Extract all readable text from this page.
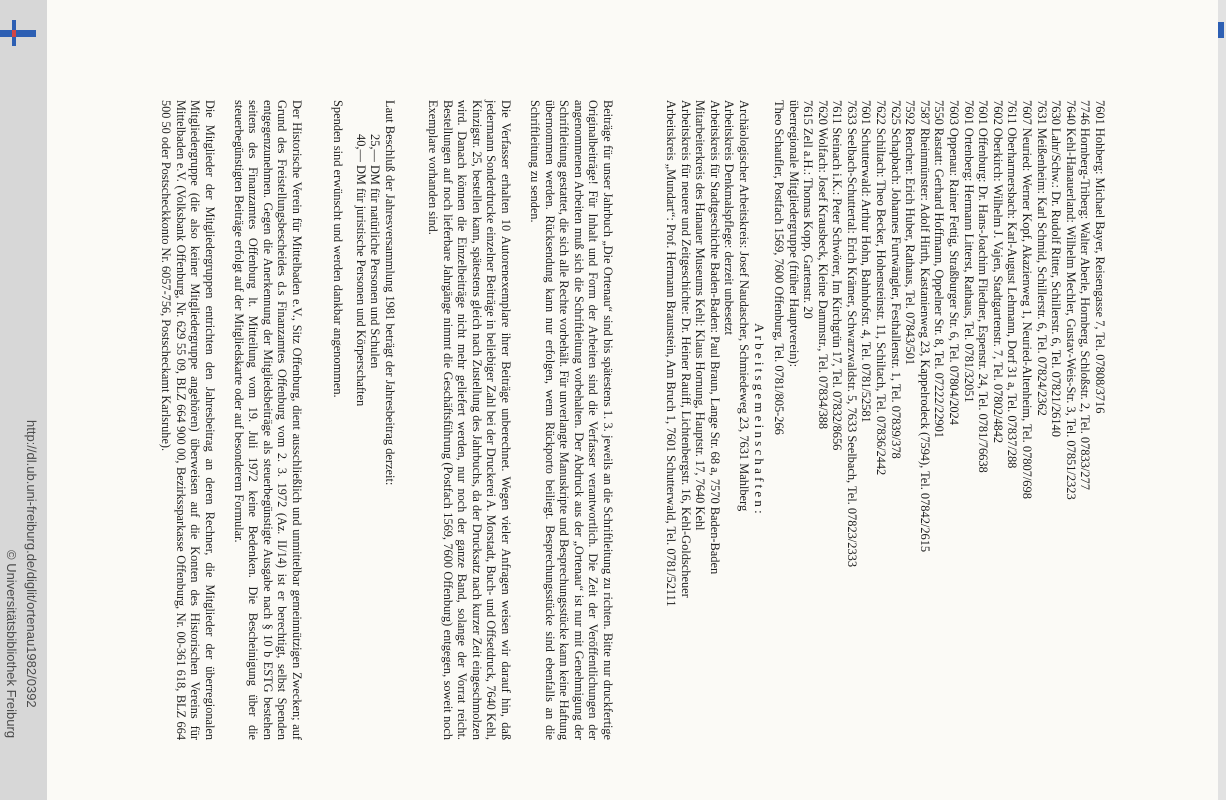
7601 Hohberg: Michael Bayer, Reisengasse 7, Tel. 07808/3716
7746 Hornberg-Triberg: Walter Aberle, Hornberg, Schloßstr. 2, Tel. 07833/277
7640 Kehl-Hanauerland: Wilhelm Mechler, Gustav-Weis-Str. 3, Tel. 07851/2323
7630 Lahr/Schw.: Dr. Rudolf Ritter, Schillerstr. 6, Tel. 07821/26140
7631 Meißenheim: Karl Schmid, Schillerstr. 6, Tel. 07824/2362
7607 Neuried: Werner Kopf, Akazienweg 1, Neuried-Altenheim, Tel. 07807/698
7611 Oberharmersbach: Karl-August Lehmann, Dorf 31 a, Tel. 07837/288
7602 Oberkirch: Wilhelm J. Vajen, Stadtgartenstr. 7, Tel. 07802/4842
7601 Offenburg: Dr. Hans-Joachim Fliedner, Espenstr. 24, Tel. 0781/76638
7601 Ortenberg: Hermann Litterst, Rathaus, Tel. 0781/32051
7603 Oppenau: Rainer Fettig, Straßburger Str. 6, Tel. 07804/2024
7550 Rastatt: Gerhard Hoffmann, Oppelner Str. 8, Tel. 07222/22901
7587 Rheinmünster: Adolf Hirth, Kastanienweg 23, Kappelrodeck (7594), Tel. 07842/2615
7592 Renchen: Erich Huber, Rathaus, Tel. 07843/501
7625 Schapbach: Johannes Furtwängler, Festhallenstr. 1, Tel. 07839/378
7622 Schiltach: Theo Becker, Hohensteinstr. 11, Schiltach, Tel. 07836/2442
7601 Schutterwald: Arthur Hohn, Bahnhofstr. 4, Tel. 0781/52581
7633 Seelbach-Schuttertal: Erich Krämer, Schwarzwaldstr. 5, 7633 Seelbach, Tel. 07823/2333
7611 Steinach i.K.: Peter Schwörer, Im Kirchgrün 17, Tel. 07832/8656
7620 Wolfach: Josef Krausbeck, Kleine Dammstr., Tel. 07834/388
7615 Zell a.H.: Thomas Kopp, Gartenstr. 20
überregionale Mitgliedergruppe (früher Hauptverein):
Theo Schaufler, Postfach 1569, 7600 Offenburg, Tel. 0781/805-266
Arbeitsgemeinschaften:
Archäologischer Arbeitskreis: Josef Naudascher, Schmiedeweg 23, 7631 Mahlberg
Arbeitskreis Denkmalspflege: derzeit unbesetzt
Arbeitskreis für Stadtgeschichte Baden-Baden: Paul Braun, Lange Str. 68 a, 7570 Baden-Baden
Mitarbeiterkreis des Hanauer Museums Kehl: Klaus Hornung, Hauptstr. 17, 7640 Kehl
Arbeitskreis für neuere und Zeitgeschichte: Dr. Heiner Rauiff, Lichtenbergstr. 16, Kehl-Goldscheuer
Arbeitskreis „Mundart“: Prof. Hermann Braunstein, Am Bruch 1, 7601 Schutterwald, Tel. 0781/52111
Beiträge für unser Jahrbuch „Die Ortenau“ sind bis spätestens 1. 3. jeweils an die Schriftleitung zu richten. Bitte nur druckfertige Originalbeiträge! Für Inhalt und Form der Arbeiten sind die Verfasser verantwortlich. Die Zeit der Veröffentlichungen der angenommenen Arbeiten muß sich die Schriftleitung vorbehalten. Der Abdruck aus der „Ortenau“ ist nur mit Genehmigung der Schriftleitung gestattet, die sich alle Rechte vorbehält. Für unverlangte Manuskripte und Besprechungsstücke kann keine Haftung übernommen werden. Rücksendung kann nur erfolgen, wenn Rückporto beiliegt. Besprechungsstücke sind ebenfalls an die Schriftleitung zu senden.
Die Verfasser erhalten 10 Autorenexemplare ihrer Beiträge unberechnet. Wegen vieler Anfragen weisen wir darauf hin, daß jedermann Sonderdrucke einzelner Beiträge in beliebiger Zahl bei der Druckerei A. Morstadt, Buch- und Offsetdruck, 7640 Kehl, Kinzigstr. 25, bestellen kann, spätestens gleich nach Zustellung des Jahrbuchs, da der Drucksatz nach kurzer Zeit eingeschmolzen wird. Danach können die Einzelbeiträge nicht mehr geliefert werden, nur noch der ganze Band, solange der Vorrat reicht. Bestellungen auf noch lieferbare Jahrgänge nimmt die Geschäftsführung (Postfach 1569, 7600 Offenburg) entgegen, soweit noch Exemplare vorhanden sind.
Laut Beschluß der Jahresversammlung 1981 beträgt der Jahresbeitrag derzeit:
25,— DM für natürliche Personen und Schulen
40,— DM für juristische Personen und Körperschaften
Spenden sind erwünscht und werden dankbar angenommen.
Der Historische Verein für Mittelbaden e.V., Sitz Offenburg, dient ausschließlich und unmittelbar gemeinnützigen Zwecken; auf Grund des Freistellungsbescheides d.s Finanzamtes Offenburg vom 2. 3. 1972 (Az. II/14) ist er berechtigt, selbst Spenden entgegenzunehmen. Gegen die Anerkennung der Mitgliedsbeiträge als steuerbegünstigte Ausgabe nach § 10 b ESTG bestehen seitens des Finanzamtes Offenburg lt. Mitteilung vom 19. Juli 1972 keine Bedenken. Die Bescheinigung über die steuerbegünstigten Beiträge erfolgt auf der Mitgliedskarte oder auf besonderem Formular.
Die Mitglieder der Mitgliedergruppen entrichten den Jahresbeitrag an deren Rechner, die Mitglieder der überregionalen Mitgliedergruppe (die also keiner Mitgliedergruppe angehören) überweisen auf die Konten des Historischen Vereins für Mittelbaden e.V. (Volksbank Offenburg, Nr. 629 55 09, BLZ 664 900 00, Bezirkssparkasse Offenburg, Nr. 00-361 618, BLZ 664 500 50 oder Postscheckkonto Nr. 6057-756, Postscheckamt Karlsruhe).
http://dl.ub.uni-freiburg.de/diglit/ortenau1982/0392
© Universitätsbibliothek Freiburg
